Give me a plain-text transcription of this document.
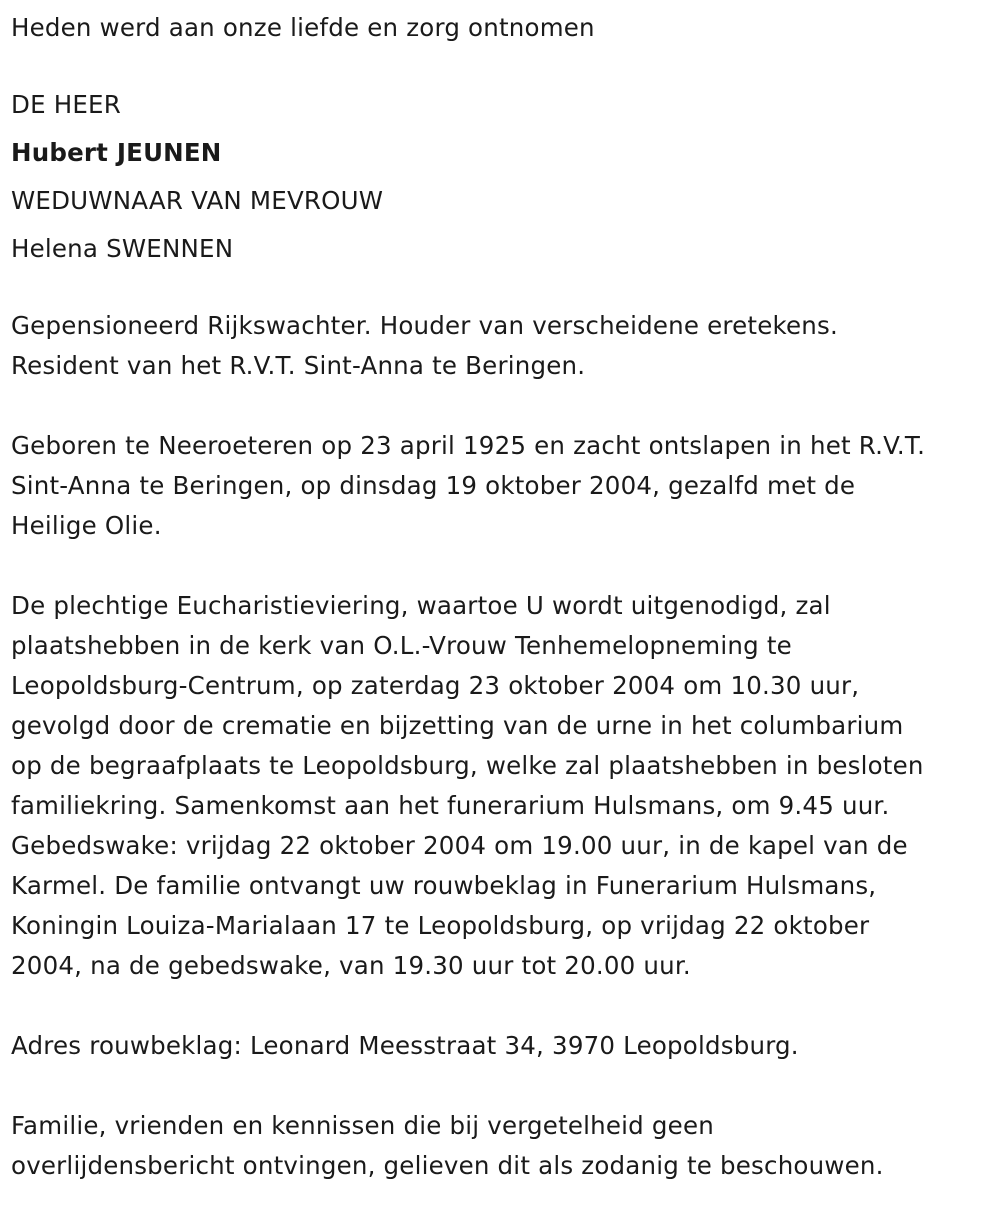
Heden werd aan onze liefde en zorg ontnomen
DE HEER
Hubert JEUNEN
WEDUWNAAR VAN MEVROUW
Helena SWENNEN
Gepensioneerd Rijkswachter. Houder van verscheidene eretekens.
Resident van het R.V.T. Sint-Anna te Beringen.
Geboren te Neeroeteren op 23 april 1925 en zacht ontslapen in het R.V.T.
Sint-Anna te Beringen, op dinsdag 19 oktober 2004, gezalfd met de
Heilige Olie.
De plechtige Eucharistieviering, waartoe U wordt uitgenodigd, zal
plaatshebben in de kerk van O.L.-Vrouw Tenhemelopneming te
Leopoldsburg-Centrum, op zaterdag 23 oktober 2004 om 10.30 uur,
gevolgd door de crematie en bijzetting van de urne in het columbarium
op de begraafplaats te Leopoldsburg, welke zal plaatshebben in besloten
familiekring. Samenkomst aan het funerarium Hulsmans, om 9.45 uur.
Gebedswake: vrijdag 22 oktober 2004 om 19.00 uur, in de kapel van de
Karmel. De familie ontvangt uw rouwbeklag in Funerarium Hulsmans,
Koningin Louiza-Marialaan 17 te Leopoldsburg, op vrijdag 22 oktober
2004, na de gebedswake, van 19.30 uur tot 20.00 uur.
Adres rouwbeklag: Leonard Meesstraat 34, 3970 Leopoldsburg.
Familie, vrienden en kennissen die bij vergetelheid geen
overlijdensbericht ontvingen, gelieven dit als zodanig te beschouwen.
